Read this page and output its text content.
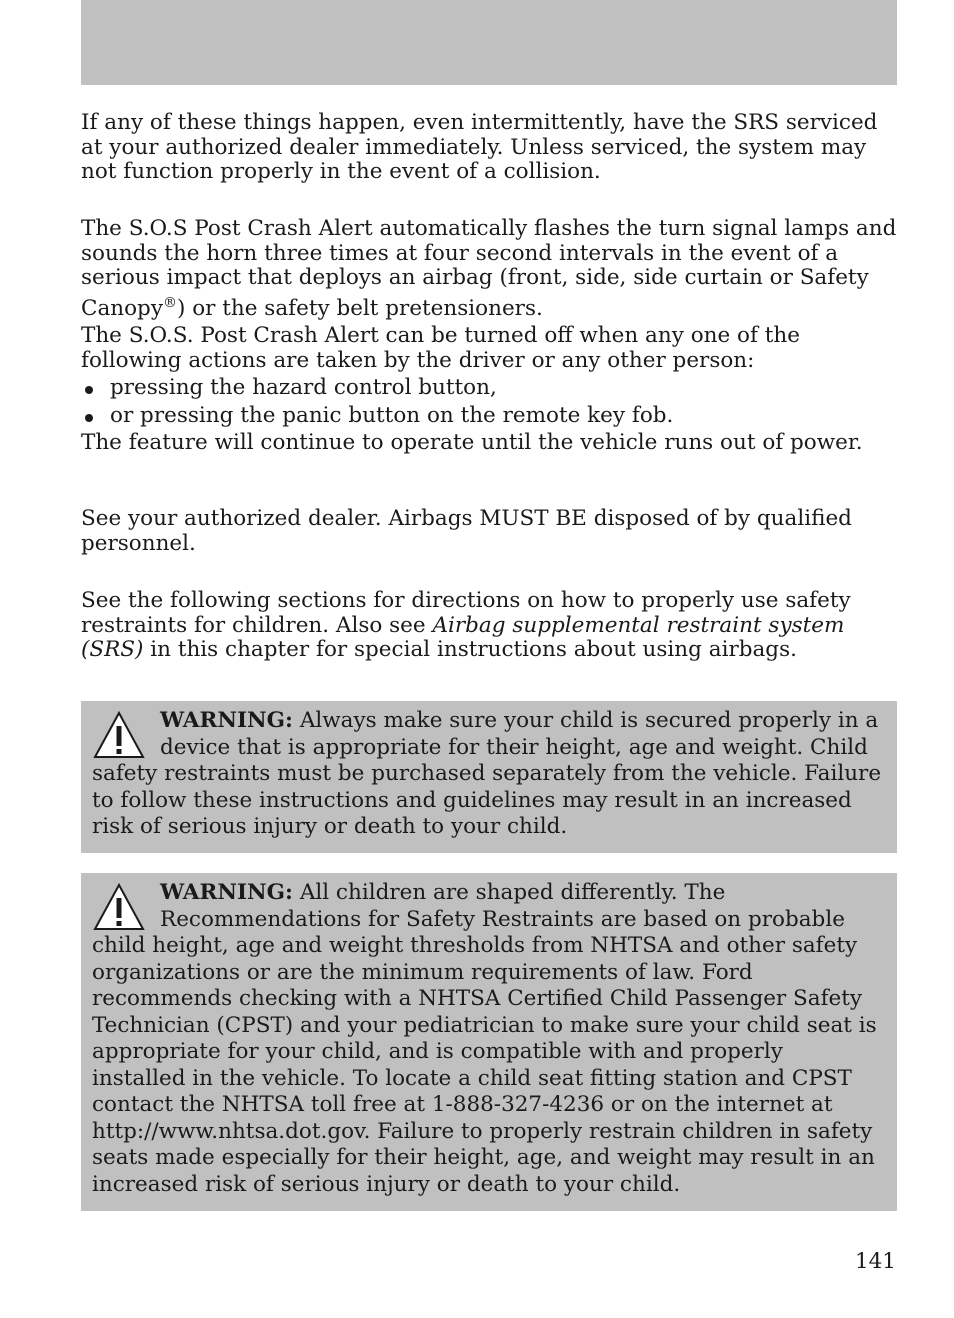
If any of these things happen, even intermittently, have the SRS serviced at your authorized dealer immediately. Unless serviced, the system may not function properly in the event of a collision.

The S.O.S Post Crash Alert automatically flashes the turn signal lamps and sounds the horn three times at four second intervals in the event of a serious impact that deploys an airbag (front, side, side curtain or Safety Canopy®) or the safety belt pretensioners.

The S.O.S. Post Crash Alert can be turned off when any one of the following actions are taken by the driver or any other person:

pressing the hazard control button,
or pressing the panic button on the remote key fob.

The feature will continue to operate until the vehicle runs out of power.

See your authorized dealer. Airbags MUST BE disposed of by qualified personnel.

See the following sections for directions on how to properly use safety restraints for children. Also see Airbag supplemental restraint system (SRS) in this chapter for special instructions about using airbags.

WARNING: Always make sure your child is secured properly in a device that is appropriate for their height, age and weight. Child safety restraints must be purchased separately from the vehicle. Failure to follow these instructions and guidelines may result in an increased risk of serious injury or death to your child.
WARNING: All children are shaped differently. The Recommendations for Safety Restraints are based on probable child height, age and weight thresholds from NHTSA and other safety organizations or are the minimum requirements of law. Ford recommends checking with a NHTSA Certified Child Passenger Safety Technician (CPST) and your pediatrician to make sure your child seat is appropriate for your child, and is compatible with and properly installed in the vehicle. To locate a child seat fitting station and CPST contact the NHTSA toll free at 1-888-327-4236 or on the internet at http://www.nhtsa.dot.gov. Failure to properly restrain children in safety seats made especially for their height, age, and weight may result in an increased risk of serious injury or death to your child.
141
